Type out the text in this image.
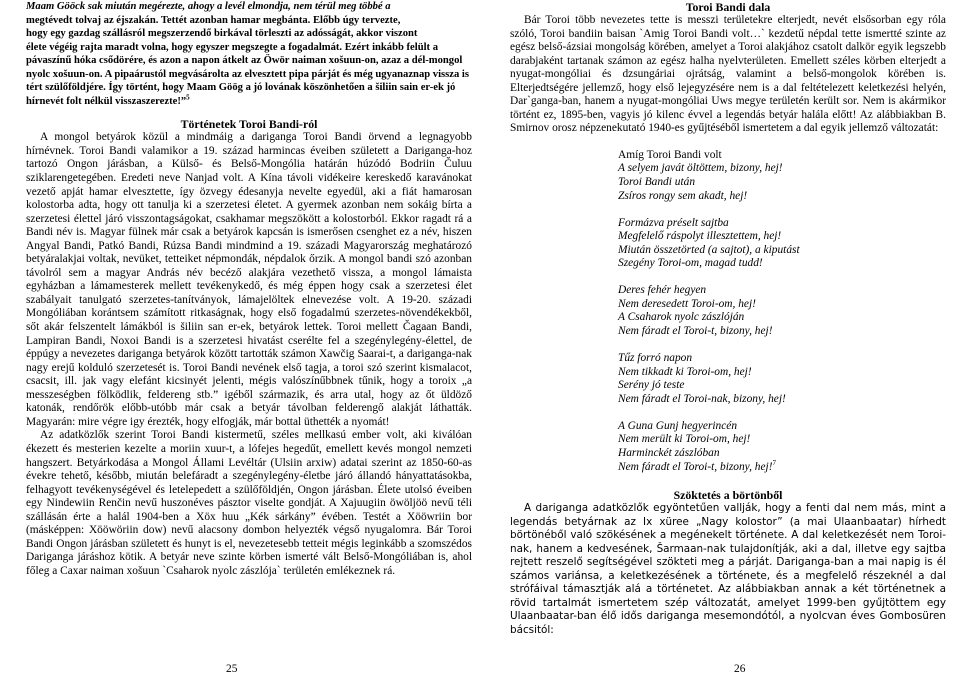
Maam Gööck sak miután megérezte, ahogy a levél elmondja, nem térül meg többé a

megtévedt tolvaj az éjszakán. Tettét azonban hamar megbánta. Előbb úgy tervezte,

hogy egy gazdag szállásról megszerzendő birkával törleszti az adósságát, akkor viszont

élete végéig rajta maradt volna, hogy egyszer megszegte a fogadalmát. Ezért inkább felült a pávaszínű hóka csődörére, és azon a napon átkelt az Öwör naiman xošuun-on, azaz a dél-mongol nyolc xošuun-on. A pipaárustól megvásárolta az elvesztett pipa párját és még ugyanaznap vissza is tért szülőföldjére. Így történt, hogy Maam Göög a jó lovának köszönhetően a šiliin sain er-ek jó hírnevét folt nélkül visszaszerezte!”$^5$

Történetek Toroi Bandi-ról

A mongol betyárok közül a mindmáig a dariganga Toroi Bandi örvend a legnagyobb hírnévnek. Toroi Bandi valamikor a 19. század harmincas éveiben született a Dariganga-hoz tartozó Ongon járásban, a Külső- és Belső-Mongólia határán húzódó Bodriin Čuluu sziklarengetegében. Eredeti neve Nanjad volt. A Kína távoli vidékeire kereskedő karavánokat vezető apját hamar elvesztette, így özvegy édesanyja nevelte egyedül, aki a fiát hamarosan kolostorba adta, hogy ott tanulja ki a szerzetesi életet. A gyermek azonban nem sokáig bírta a szerzetesi élettel járó visszontagságokat, csakhamar megszökött a kolostorból. Ekkor ragadt rá a Bandi név is. Magyar fülnek már csak a betyárok kapcsán is ismerősen csenghet ez a név, hiszen Angyal Bandi, Patkó Bandi, Rúzsa Bandi mindmind a 19. századi Magyarország meghatározó betyáralakjai voltak, nevüket, tetteiket népmondák, népdalok őrzik. A mongol bandi szó azonban távolról sem a magyar András név becéző alakjára vezethető vissza, a mongol lámaista egyházban a lámamesterek mellett tevékenykedő, és még éppen hogy csak a szerzetesi élet szabályait tanulgató szerzetes-tanítványok, lámajelöltek elnevezése volt. A 19-20. századi Mongóliában korántsem számított ritkaságnak, hogy első fogadalmú szerzetes-növendékekből, sőt akár felszentelt lámákból is šiliin san er-ek, betyárok lettek. Toroi mellett Čagaan Bandi, Lampiran Bandi, Noxoi Bandi is a szerzetesi hivatást cserélte fel a szegénylegény-élettel, de éppúgy a nevezetes dariganga betyárok között tartották számon Xawčig Saarai-t, a dariganga-nak nagy erejű kolduló szerzetesét is. Toroi Bandi nevének első tagja, a toroi szó szerint kismalacot, csacsit, ill. jak vagy elefánt kicsinyét jelenti, mégis valószínűbbnek tűnik, hogy a toroix „a messzeségben fölködlik, feldereng stb.” igéből származik, és arra utal, hogy az őt üldöző katonák, rendőrök előbb-utóbb már csak a betyár távolban felderengő alakját láthatták. Magyarán: mire végre igy érezték, hogy elfogják, már bottal üthették a nyomát!

Az adatközlők szerint Toroi Bandi kistermetű, széles mellkasú ember volt, aki kiválóan ékezett és mesterien kezelte a moriin xuur-t, a lófejes hegedűt, emellett kevés mongol nemzeti hangszert. Betyárkodása a Mongol Állami Levéltár (Ulsiin arxiw) adatai szerint az 1850-60-as évekre tehető, később, miután belefáradt a szegénylegény-életbe járó állandó hányattatásokba, felhagyott tevékenységével és letelepedett a szülőföldjén, Ongon járásban. Élete utolsó éveiben egy Nindewiin Renčin nevű huszonéves pásztor viselte gondját. A Xajuugiin öwöljöö nevű téli szállásán érte a halál 1904-ben a Xöx huu „Kék sárkány” évében. Testét a Xööwriin bor (másképpen: Xööwöriin dow) nevű alacsony dombon helyezték végső nyugalomra. Bár Toroi Bandi Ongon járásban született és hunyt is el, nevezetesebb tetteit mégis leginkább a szomszédos Dariganga járáshoz kötik. A betyár neve szinte körben ismerté vált Belső-Mongóliában is, ahol főleg a Caxar naiman xošuun `Csaharok nyolc zászlója` területén emlékeznek rá.

25

Toroi Bandi dala

Bár Toroi több nevezetes tette is messzi területekre elterjedt, nevét elsősorban egy róla szóló, Toroi bandiin baisan `Amig Toroi Bandi volt…` kezdetű népdal tette ismertté szinte az egész belső-ázsiai mongolság körében, amelyet a Toroi alakjához csatolt dalkör egyik legszebb darabjaként tartanak számon az egész halha nyelvterületen. Emellett széles körben elterjedt a nyugat-mongóliai és dzsungáriai ojrátság, valamint a belső-mongolok körében is. Elterjedtségére jellemző, hogy első lejegyzésére nem is a dal feltételezett keletkezési helyén, Dar`ganga-ban, hanem a nyugat-mongóliai Uws megye területén került sor. Nem is akármikor történt ez, 1895-ben, vagyis jó kilenc évvel a legendás betyár halála előtt! Az alábbiakban B. Smirnov orosz népzenekutató 1940-es gyűjtéséből ismertetem a dal egyik jellemző változatát:

Amíg Toroi Bandi volt
A selyem javát öltöttem, bizony, hej!
Toroi Bandi után
Zsíros rongy sem akadt, hej!
Formázva préselt sajtba
Megfelelő ráspolyt illesztettem, hej!
Miután összetörted (a sajtot), a kiputást
Szegény Toroi-om, magad tudd!
Deres fehér hegyen
Nem deresedett Toroi-om, hej!
A Csaharok nyolc zászlóján
Nem fáradt el Toroi-t, bizony, hej!
Tűz forró napon
Nem tikkadt ki Toroi-om, hej!
Serény jó teste
Nem fáradt el Toroi-nak, bizony, hej!
A Guna Gunj hegyerincén
Nem merült ki Toroi-om, hej!
Harminckét zászlóban
Nem fáradt el Toroi-t, bizony, hej!$^7$

Szöktetés a börtönből

A dariganga adatközlők egyöntetűen vallják, hogy a fenti dal nem más, mint a legendás betyárnak az Ix xüree „Nagy kolostor” (a mai Ulaanbaatar) hírhedt börtönéből való szökésének a megénekelt története. A dal keletkezését nem Toroi-nak, hanem a kedvesének, Šarmaan-nak tulajdonítják, aki a dal, illetve egy sajtba rejtett reszelő segítségével szökteti meg a párját. Dariganga-ban a mai napig is él számos variánsa, a keletkezésének a története, és a megfelelő részeknél a dal strófáival támasztják alá a történetet. Az alábbiakban annak a két történetnek a rövid tartalmát ismertetem szép változatát, amelyet 1999-ben gyűjtöttem egy Ulaanbaatar-ban élő idős dariganga mesemondótól, a nyolcvan éves Gombosüren bácsitól:

26
